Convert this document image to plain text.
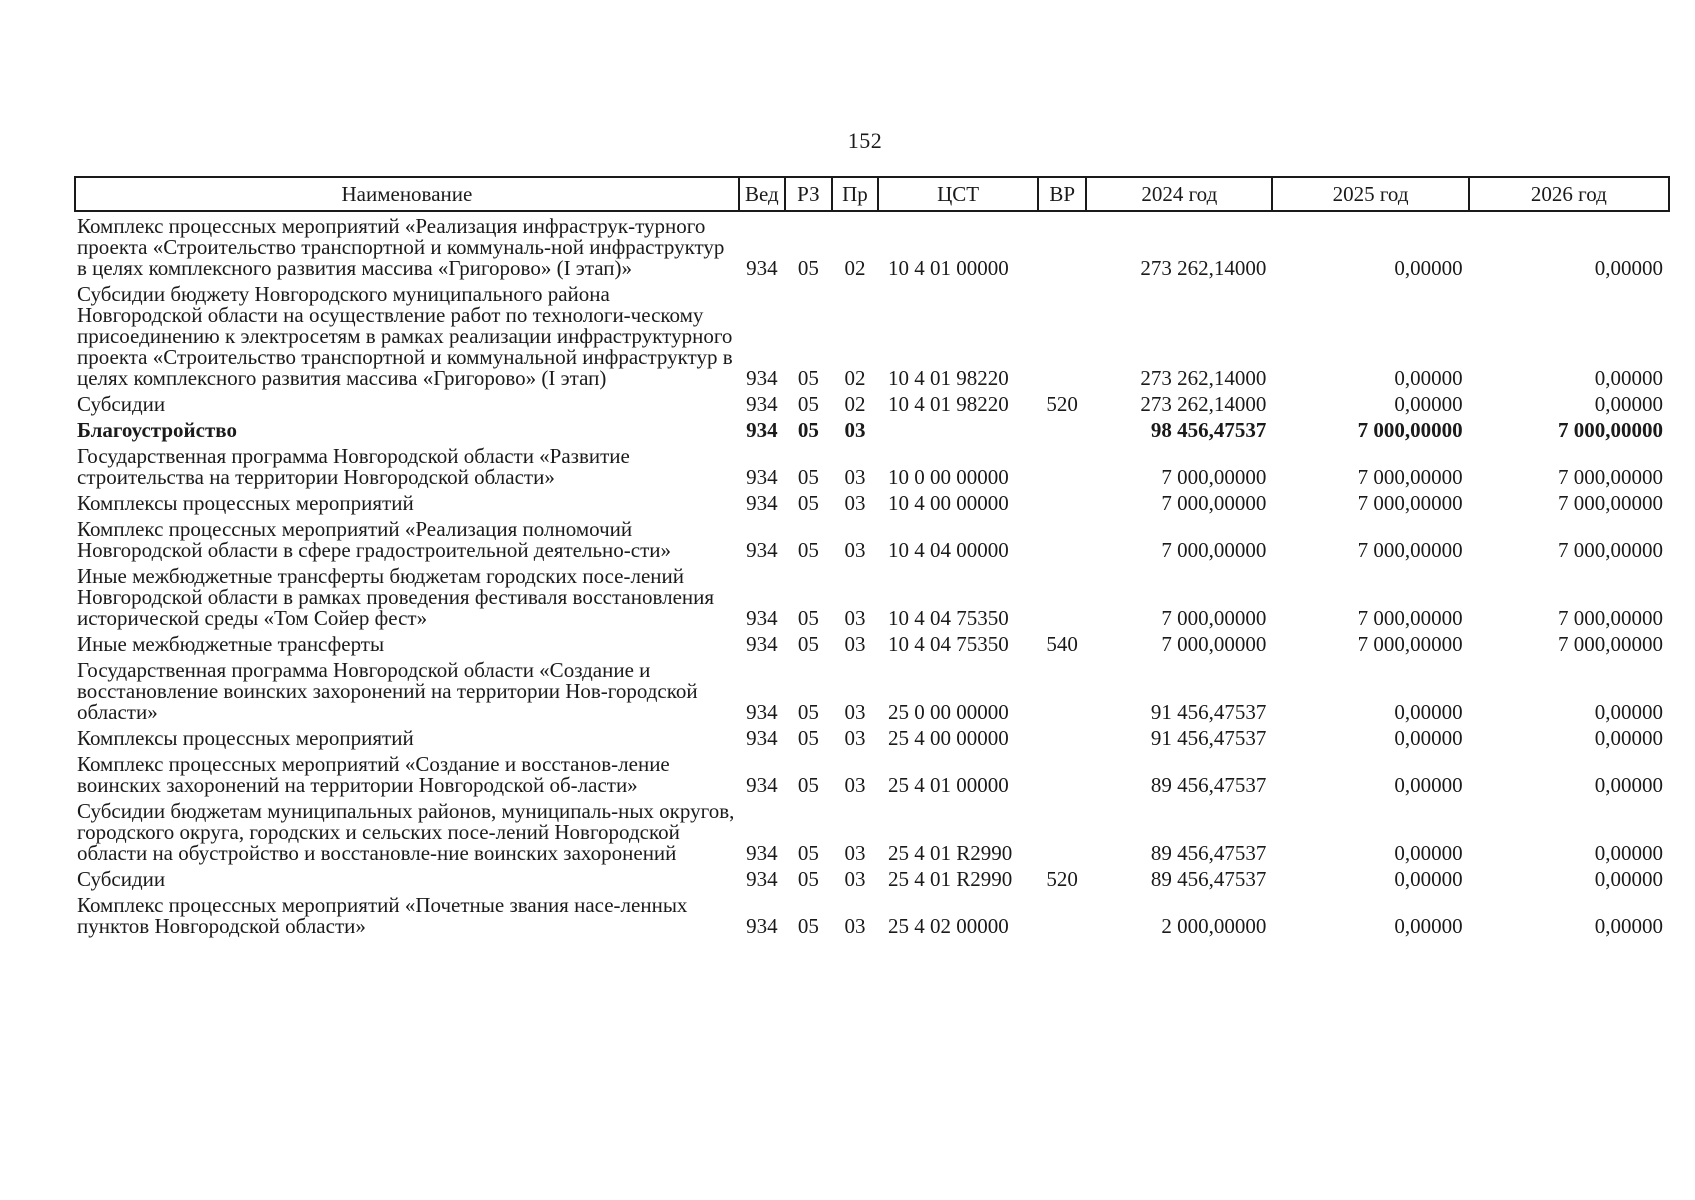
152
Наименование	Вед	РЗ	Пр	ЦСТ	ВР	2024 год	2025 год	2026 год
Комплекс процессных мероприятий «Реализация инфраструк-турного проекта «Строительство транспортной и коммуналь-ной инфраструктур в целях комплексного развития массива «Григорово» (I этап)»	934	05	02	10 4 01 00000		273 262,14000	0,00000	0,00000
Субсидии бюджету Новгородского муниципального района Новгородской области на осуществление работ по технологи-ческому присоединению к электросетям в рамках реализации инфраструктурного проекта «Строительство транспортной и коммунальной инфраструктур в целях комплексного развития массива «Григорово» (I этап)	934	05	02	10 4 01 98220		273 262,14000	0,00000	0,00000
Субсидии	934	05	02	10 4 01 98220	520	273 262,14000	0,00000	0,00000
Благоустройство	934	05	03			98 456,47537	7 000,00000	7 000,00000
Государственная программа Новгородской области «Развитие строительства на территории Новгородской области»	934	05	03	10 0 00 00000		7 000,00000	7 000,00000	7 000,00000
Комплексы процессных мероприятий	934	05	03	10 4 00 00000		7 000,00000	7 000,00000	7 000,00000
Комплекс процессных мероприятий «Реализация полномочий Новгородской области в сфере градостроительной деятельно-сти»	934	05	03	10 4 04 00000		7 000,00000	7 000,00000	7 000,00000
Иные межбюджетные трансферты бюджетам городских посе-лений Новгородской области в рамках проведения фестиваля восстановления исторической среды «Том Сойер фест»	934	05	03	10 4 04 75350		7 000,00000	7 000,00000	7 000,00000
Иные межбюджетные трансферты	934	05	03	10 4 04 75350	540	7 000,00000	7 000,00000	7 000,00000
Государственная программа Новгородской области «Создание и восстановление воинских захоронений на территории Нов-городской области»	934	05	03	25 0 00 00000		91 456,47537	0,00000	0,00000
Комплексы процессных мероприятий	934	05	03	25 4 00 00000		91 456,47537	0,00000	0,00000
Комплекс процессных мероприятий «Создание и восстанов-ление воинских захоронений на территории Новгородской об-ласти»	934	05	03	25 4 01 00000		89 456,47537	0,00000	0,00000
Субсидии бюджетам муниципальных районов, муниципаль-ных округов, городского округа, городских и сельских посе-лений Новгородской области на обустройство и восстановле-ние воинских захоронений	934	05	03	25 4 01 R2990		89 456,47537	0,00000	0,00000
Субсидии	934	05	03	25 4 01 R2990	520	89 456,47537	0,00000	0,00000
Комплекс процессных мероприятий «Почетные звания насе-ленных пунктов Новгородской области»	934	05	03	25 4 02 00000		2 000,00000	0,00000	0,00000
